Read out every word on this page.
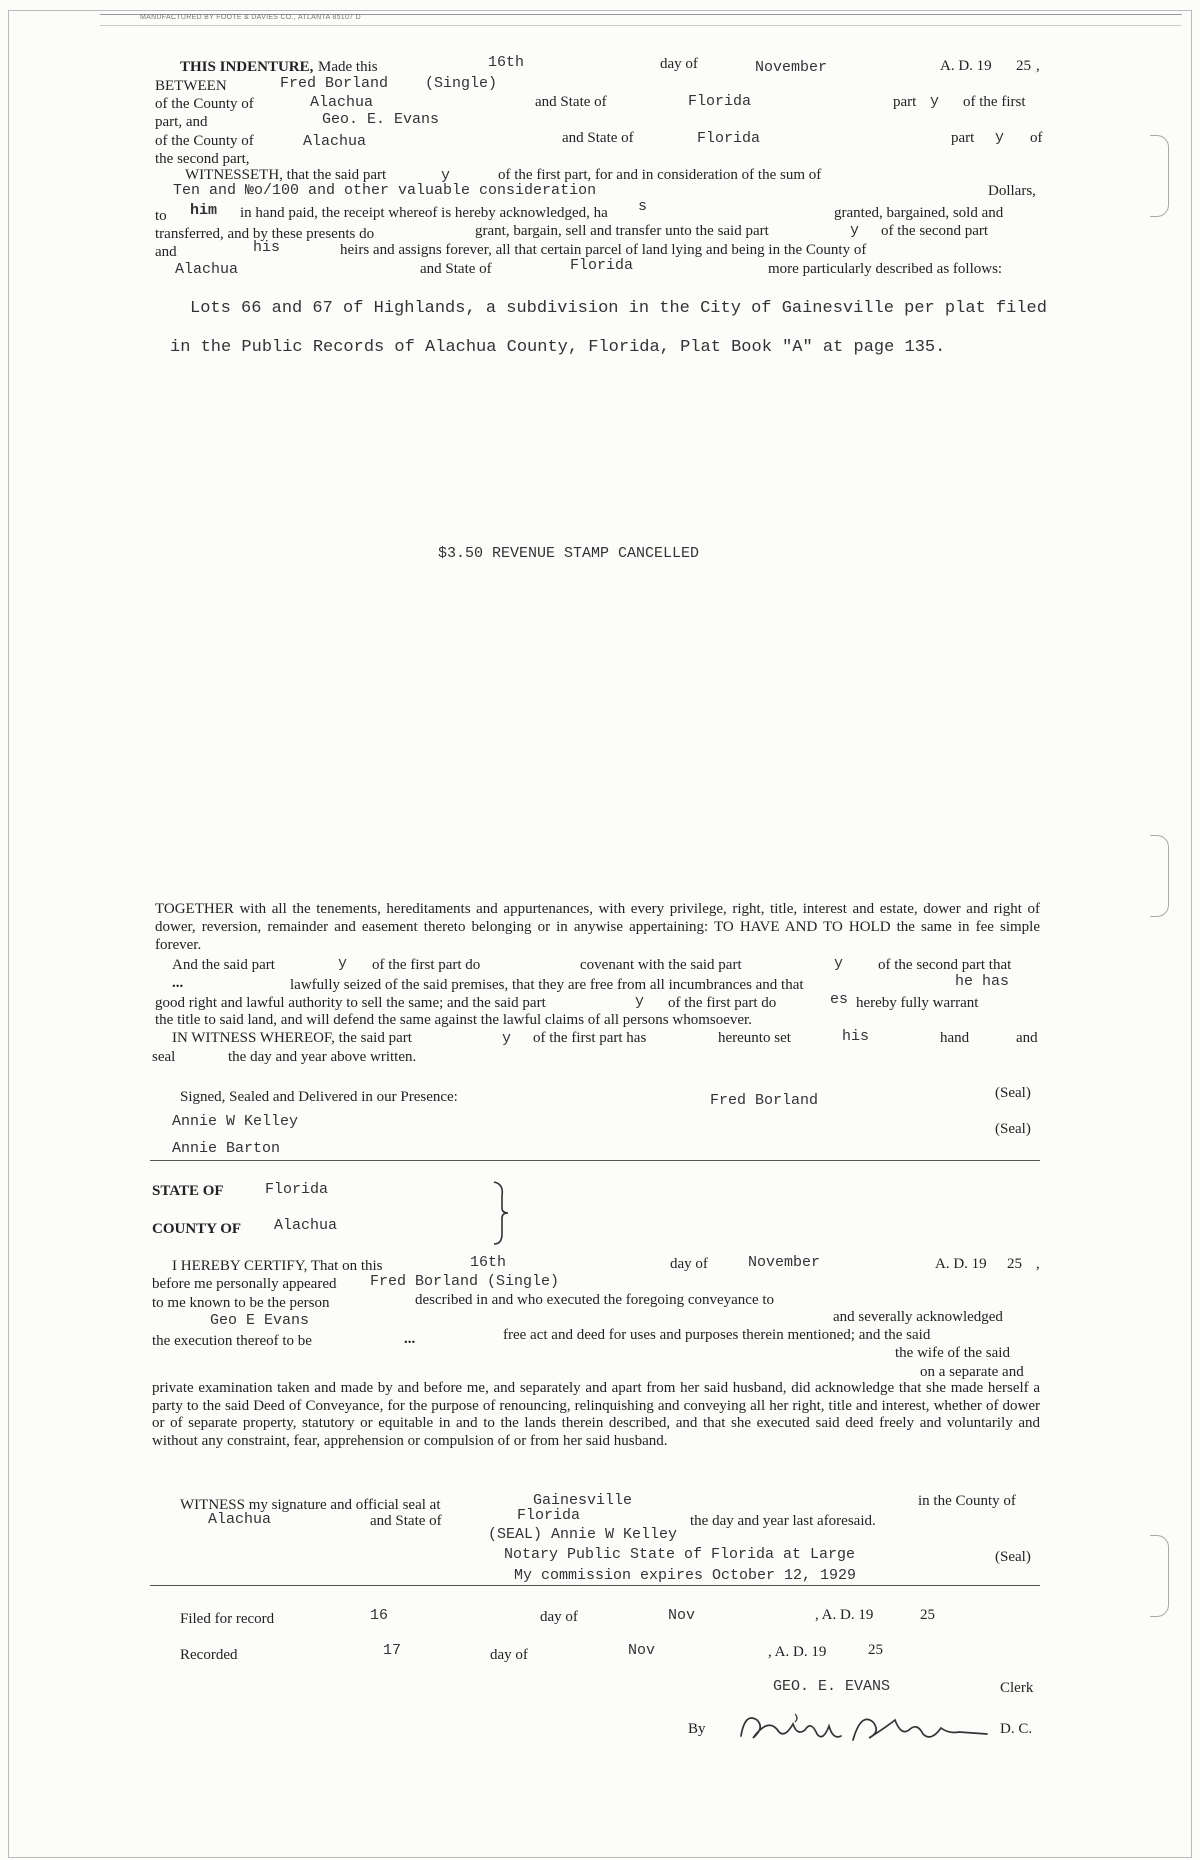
MANUFACTURED BY FOOTE & DAVIES CO., ATLANTA 85107 D
THIS INDENTURE, Made this	16th	day of	November	A. D. 19 25 ,
BETWEEN	Fred Borland (Single)
of the County of	Alachua	and State of	Florida	part y of the first
part, and	Geo. E. Evans
of the County of	Alachua	and State of	Florida	part y of
the second part,
WITNESSETH, that the said part	y	of the first part, for and in consideration of the sum of
Ten and №o/100 and other valuable consideration	Dollars,
to him in hand paid, the receipt whereof is hereby acknowledged, ha s	granted, bargained, sold and
transferred, and by these presents do	grant, bargain, sell and transfer unto the said part	y of the second part
and	his	heirs and assigns forever, all that certain parcel of land lying and being in the County of
Alachua	and State of	Florida	more particularly described as follows:
Lots 66 and 67 of Highlands, a subdivision in the City of Gainesville per plat filed
in the Public Records of Alachua County, Florida, Plat Book "A" at page 135.
$3.50 REVENUE STAMP CANCELLED
TOGETHER with all the tenements, hereditaments and appurtenances, with every privilege, right, title, interest and estate, dower and right of dower, reversion, remainder and easement thereto belonging or in anywise appertaining: TO HAVE AND TO HOLD the same in fee simple forever.
And the said part	y of the first part do	covenant with the said part	y of the second part that
...	lawfully seized of the said premises, that they are free from all incumbrances and that	he has
good right and lawful authority to sell the same; and the said part	y of the first part do	es hereby fully warrant
the title to said land, and will defend the same against the lawful claims of all persons whomsoever.
IN WITNESS WHEREOF, the said part	y of the first part has	hereunto set	his	hand	and
seal	the day and year above written.
Signed, Sealed and Delivered in our Presence:	Fred Borland	(Seal)
Annie W Kelley	(Seal)
Annie Barton
STATE OF	Florida
COUNTY OF Alachua
I HEREBY CERTIFY, That on this	16th	day of	November	A. D. 19 25 ,
before me personally appeared Fred Borland (Single)
to me known to be the person	described in and who executed the foregoing conveyance to
Geo E Evans	and severally acknowledged
the execution thereof to be	...	free act and deed for uses and purposes therein mentioned; and the said
the wife of the said
on a separate and
private examination taken and made by and before me, and separately and apart from her said husband, did acknowledge that she made herself a party to the said Deed of Conveyance, for the purpose of renouncing, relinquishing and conveying all her right, title and interest, whether of dower or of separate property, statutory or equitable in and to the lands therein described, and that she executed said deed freely and voluntarily and without any constraint, fear, apprehension or compulsion of or from her said husband.
WITNESS my signature and official seal at	Gainesville	in the County of
Alachua	and State of	Florida	the day and year last aforesaid.
(SEAL) Annie W Kelley
Notary Public State of Florida at Large	(Seal)
My commission expires October 12, 1929
Filed for record	16	day of	Nov	, A. D. 19	25
Recorded	17	day of	Nov	, A. D. 19	25
GEO. E. EVANS	Clerk
By	D. C.
